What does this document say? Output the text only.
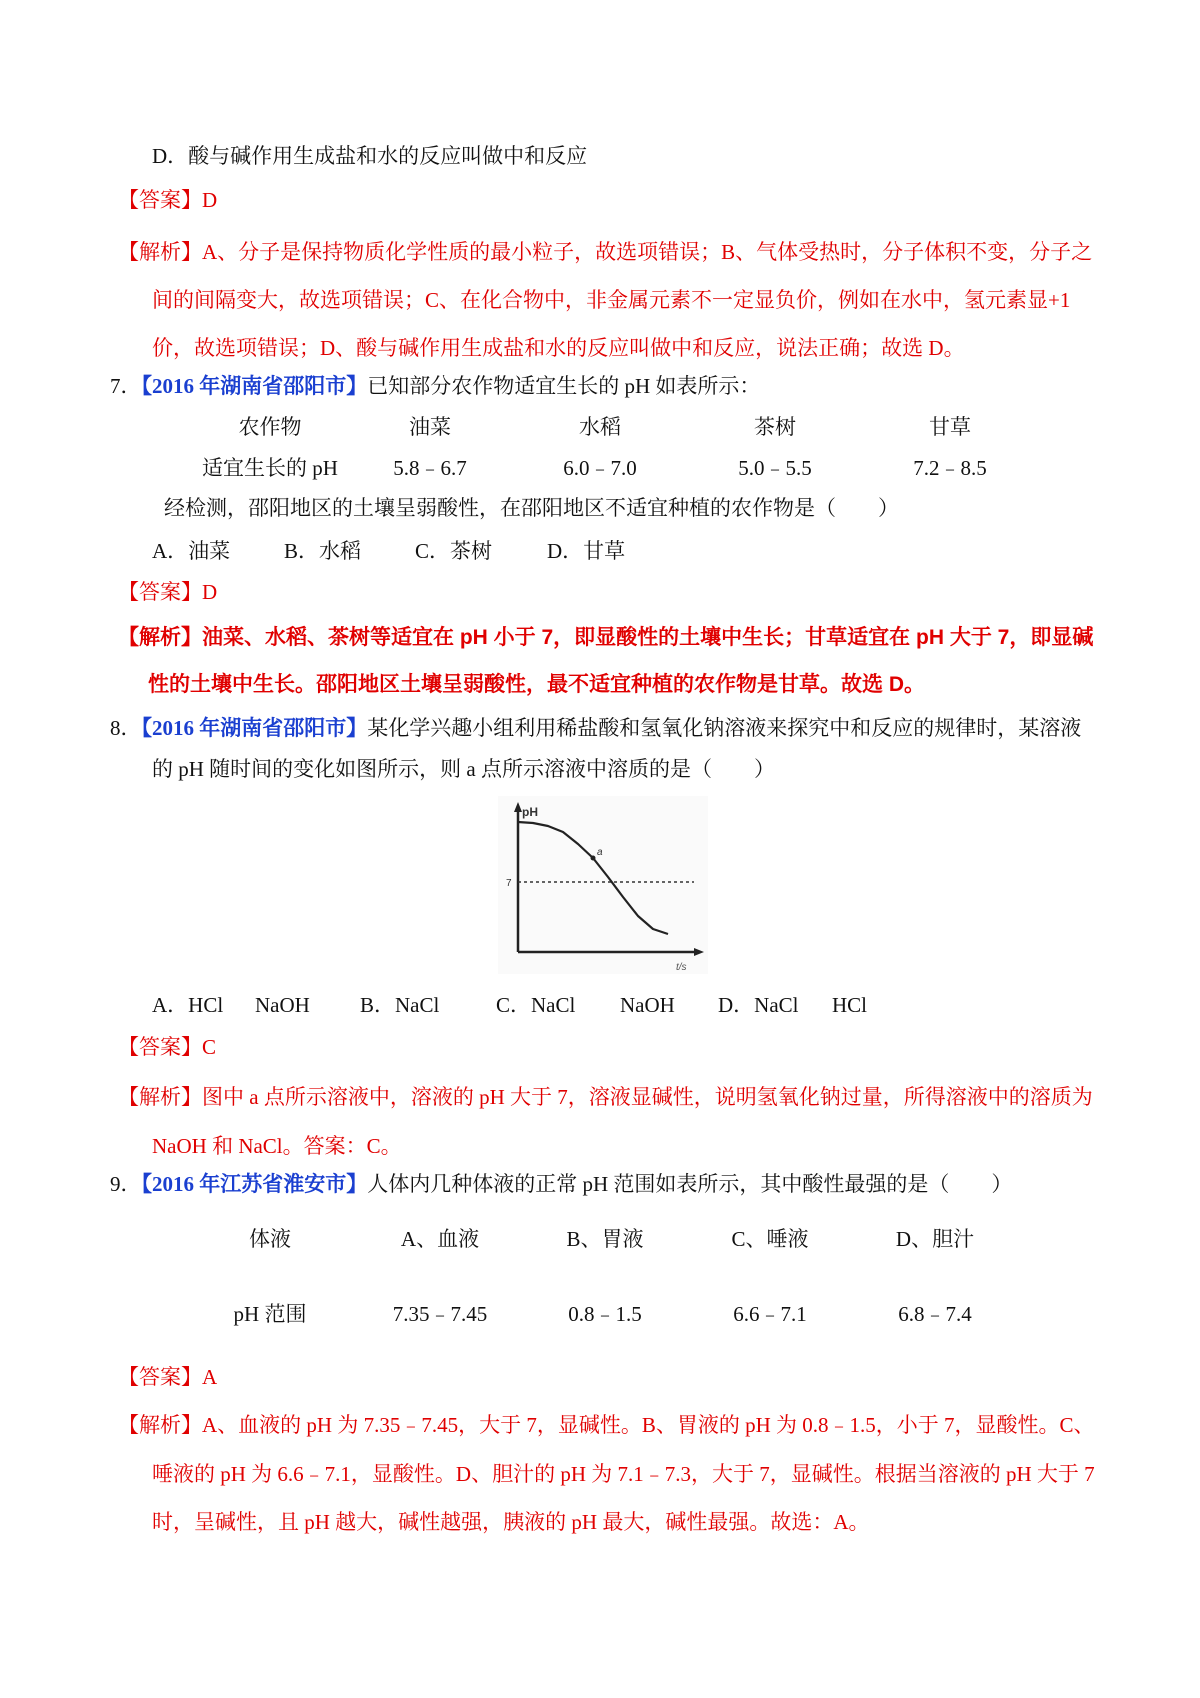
D．酸与碱作用生成盐和水的反应叫做中和反应
【答案】D
【解析】A、分子是保持物质化学性质的最小粒子，故选项错误；B、气体受热时，分子体积不变，分子之
间的间隔变大，故选项错误；C、在化合物中，非金属元素不一定显负价，例如在水中，氢元素显+1
价，故选项错误；D、酸与碱作用生成盐和水的反应叫做中和反应，说法正确；故选 D。
7．【2016 年湖南省邵阳市】已知部分农作物适宜生长的 pH 如表所示：
农作物	油菜	水稻	茶树	甘草
适宜生长的 pH	5.8﹣6.7	6.0﹣7.0	5.0﹣5.5	7.2﹣8.5
经检测，邵阳地区的土壤呈弱酸性，在邵阳地区不适宜种植的农作物是（　　）
A．油菜	B．水稻	C．茶树	D．甘草
【答案】D
【解析】油菜、水稻、茶树等适宜在 pH 小于 7，即显酸性的土壤中生长；甘草适宜在 pH 大于 7，即显碱
性的土壤中生长。邵阳地区土壤呈弱酸性，最不适宜种植的农作物是甘草。故选 D。
8．【2016 年湖南省邵阳市】某化学兴趣小组利用稀盐酸和氢氧化钠溶液来探究中和反应的规律时，某溶液
的 pH 随时间的变化如图所示，则 a 点所示溶液中溶质的是（　　）
pH
t/s
7
a
A．HCl NaOH B．NaCl	C．NaCl NaOH D．NaCl HCl
【答案】C
【解析】图中 a 点所示溶液中，溶液的 pH 大于 7，溶液显碱性，说明氢氧化钠过量，所得溶液中的溶质为
NaOH 和 NaCl。答案：C。
9．【2016 年江苏省淮安市】人体内几种体液的正常 pH 范围如表所示，其中酸性最强的是（　　）
体液	A、血液	B、胃液	C、唾液	D、胆汁
pH 范围	7.35﹣7.45	0.8﹣1.5	6.6﹣7.1	6.8﹣7.4
【答案】A
【解析】A、血液的 pH 为 7.35﹣7.45，大于 7，显碱性。B、胃液的 pH 为 0.8﹣1.5，小于 7，显酸性。C、
唾液的 pH 为 6.6﹣7.1，显酸性。D、胆汁的 pH 为 7.1﹣7.3，大于 7，显碱性。根据当溶液的 pH 大于 7
时，呈碱性，且 pH 越大，碱性越强，胰液的 pH 最大，碱性最强。故选：A。
